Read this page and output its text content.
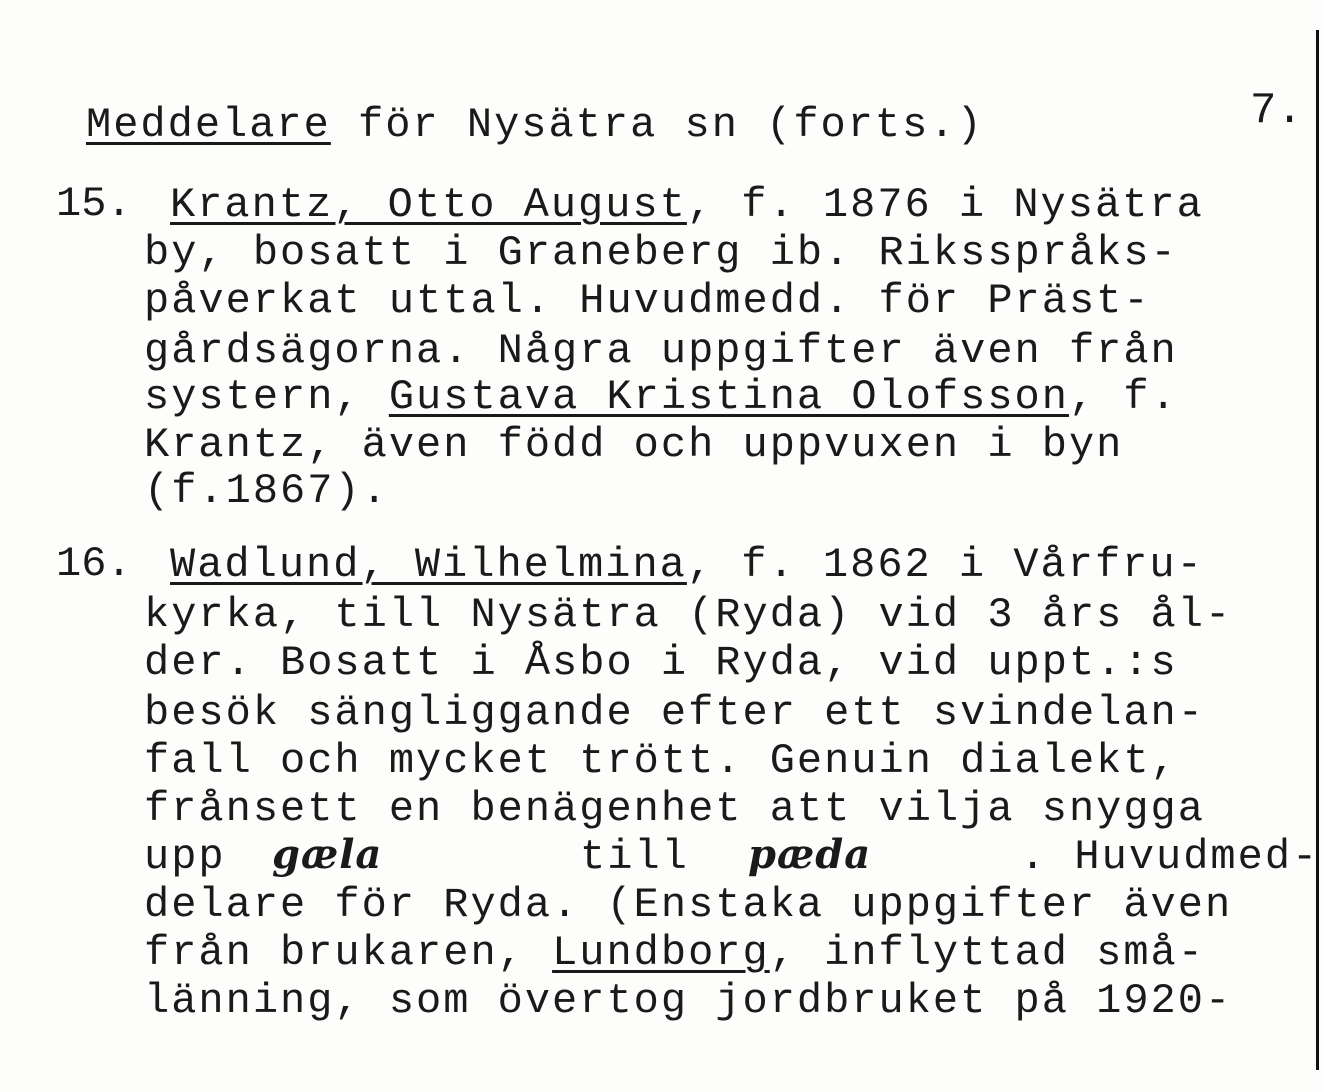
Meddelare för Nysätra sn (forts.)	7.
15. Krantz, Otto August, f. 1876 i Nysätra
by, bosatt i Graneberg ib. Riksspråks-
påverkat uttal. Huvudmedd. för Präst-
gårdsägorna. Några uppgifter även från
systern, Gustava Kristina Olofsson, f.
Krantz, även född och uppvuxen i byn
(f.1867).
16. Wadlund, Wilhelmina, f. 1862 i Vårfru-
kyrka, till Nysätra (Ryda) vid 3 års ål-
der. Bosatt i Åsbo i Ryda, vid uppt.:s
besök sängliggande efter ett svindelan-
fall och mycket trött. Genuin dialekt,
frånsett en benägenhet att vilja snygga
upp gæla	till pæda	. Huvudmed-
delare för Ryda. (Enstaka uppgifter även
från brukaren, Lundborg, inflyttad små-
länning, som övertog jordbruket på 1920-
